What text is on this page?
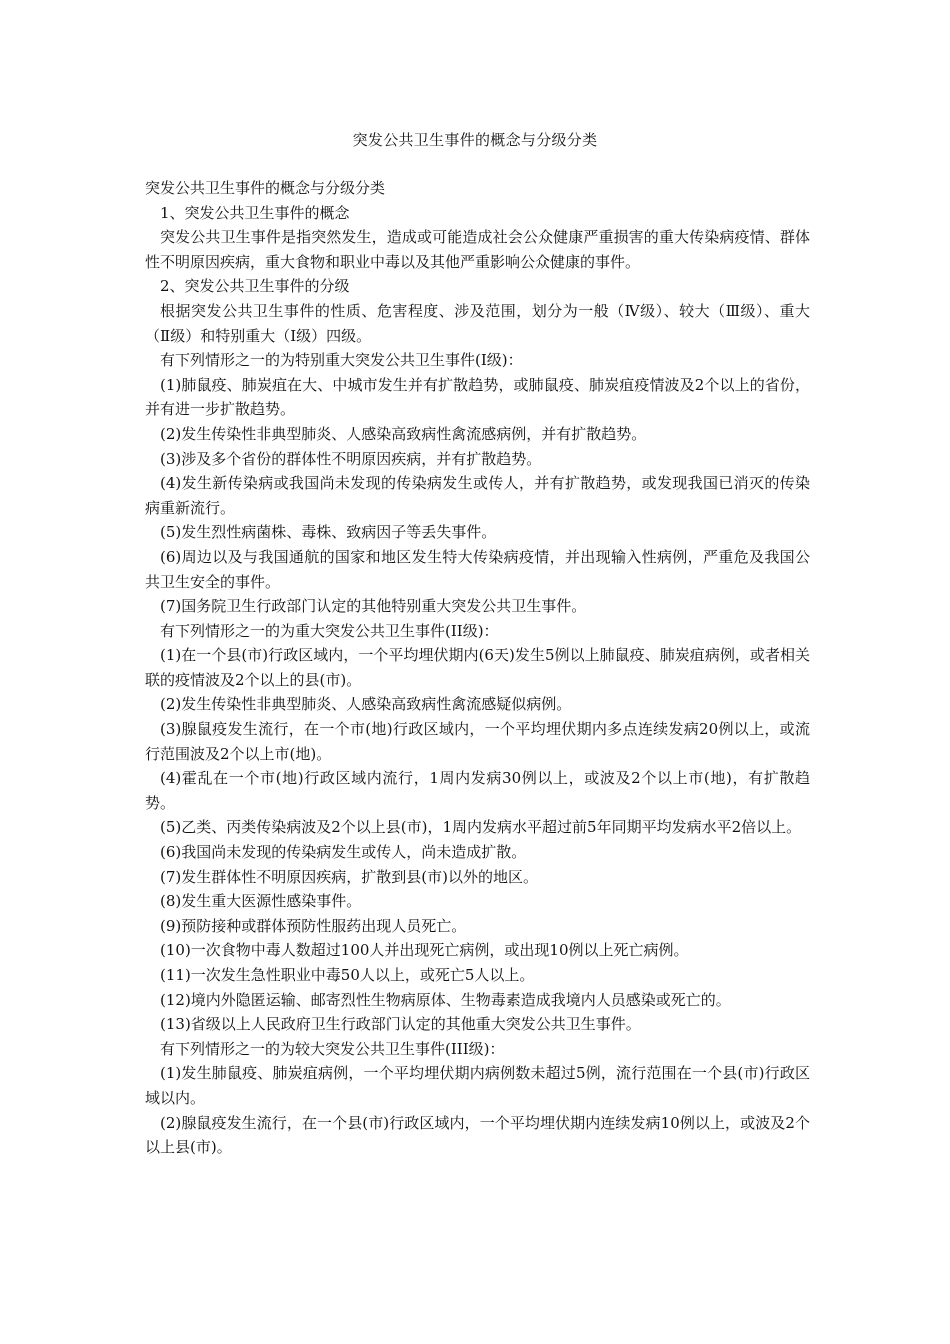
突发公共卫生事件的概念与分级分类

突发公共卫生事件的概念与分级分类

1、突发公共卫生事件的概念

突发公共卫生事件是指突然发生，造成或可能造成社会公众健康严重损害的重大传染病疫情、群体性不明原因疾病，重大食物和职业中毒以及其他严重影响公众健康的事件。

2、突发公共卫生事件的分级

根据突发公共卫生事件的性质、危害程度、涉及范围，划分为一般（Ⅳ级）、较大（Ⅲ级）、重大（Ⅱ级）和特别重大（Ⅰ级）四级。

有下列情形之一的为特别重大突发公共卫生事件(I级)：

(1)肺鼠疫、肺炭疽在大、中城市发生并有扩散趋势，或肺鼠疫、肺炭疽疫情波及2个以上的省份，并有进一步扩散趋势。

(2)发生传染性非典型肺炎、人感染高致病性禽流感病例，并有扩散趋势。

(3)涉及多个省份的群体性不明原因疾病，并有扩散趋势。

(4)发生新传染病或我国尚未发现的传染病发生或传人，并有扩散趋势，或发现我国已消灭的传染病重新流行。

(5)发生烈性病菌株、毒株、致病因子等丢失事件。

(6)周边以及与我国通航的国家和地区发生特大传染病疫情，并出现输入性病例，严重危及我国公共卫生安全的事件。

(7)国务院卫生行政部门认定的其他特别重大突发公共卫生事件。

有下列情形之一的为重大突发公共卫生事件(II级)：

(1)在一个县(市)行政区域内，一个平均埋伏期内(6天)发生5例以上肺鼠疫、肺炭疽病例，或者相关联的疫情波及2个以上的县(市)。

(2)发生传染性非典型肺炎、人感染高致病性禽流感疑似病例。

(3)腺鼠疫发生流行，在一个市(地)行政区域内，一个平均埋伏期内多点连续发病20例以上，或流行范围波及2个以上市(地)。

(4)霍乱在一个市(地)行政区域内流行，1周内发病30例以上，或波及2个以上市(地)，有扩散趋势。

(5)乙类、丙类传染病波及2个以上县(市)，1周内发病水平超过前5年同期平均发病水平2倍以上。

(6)我国尚未发现的传染病发生或传人，尚未造成扩散。

(7)发生群体性不明原因疾病，扩散到县(市)以外的地区。

(8)发生重大医源性感染事件。

(9)预防接种或群体预防性服药出现人员死亡。

(10)一次食物中毒人数超过100人并出现死亡病例，或出现10例以上死亡病例。

(11)一次发生急性职业中毒50人以上，或死亡5人以上。

(12)境内外隐匿运输、邮寄烈性生物病原体、生物毒素造成我境内人员感染或死亡的。

(13)省级以上人民政府卫生行政部门认定的其他重大突发公共卫生事件。

有下列情形之一的为较大突发公共卫生事件(III级)：

(1)发生肺鼠疫、肺炭疽病例，一个平均埋伏期内病例数未超过5例，流行范围在一个县(市)行政区域以内。

(2)腺鼠疫发生流行，在一个县(市)行政区域内，一个平均埋伏期内连续发病10例以上，或波及2个以上县(市)。
